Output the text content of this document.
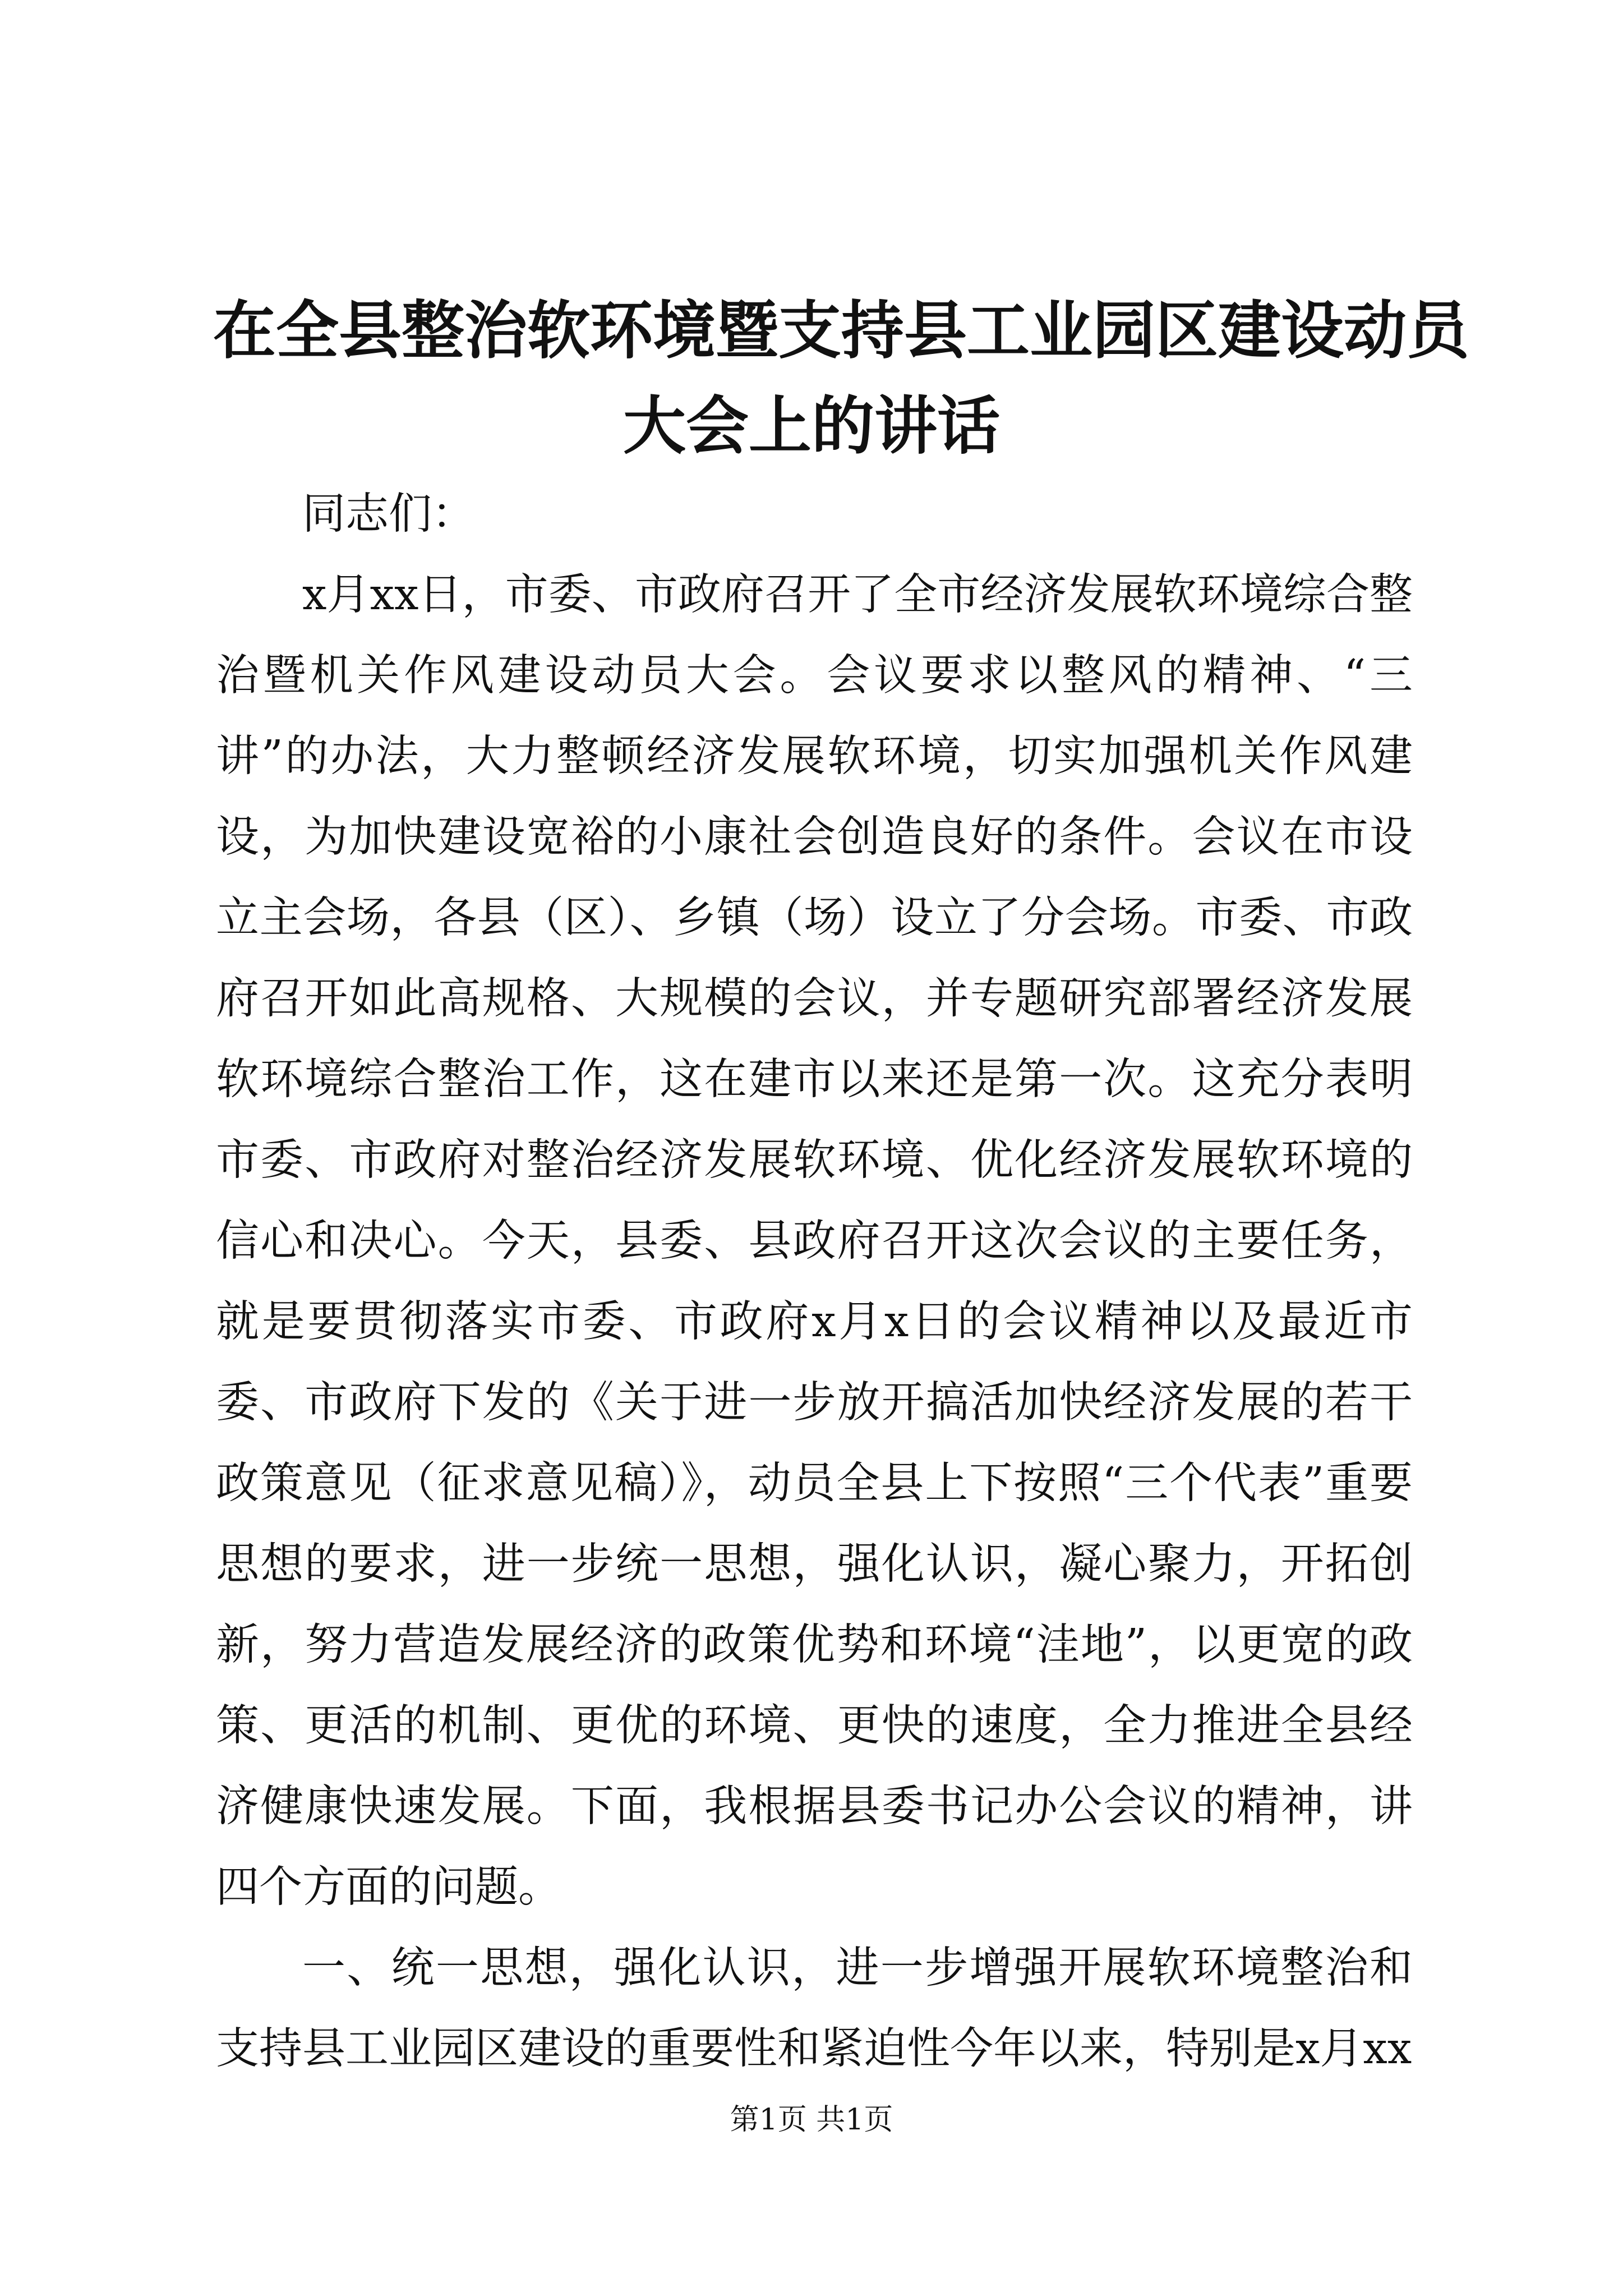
在全县整治软环境暨支持县工业园区建设动员
大会上的讲话

同志们：

x月xx日，市委、市政府召开了全市经济发展软环境综合整治暨机关作风建设动员大会。会议要求以整风的精神、“三讲”的办法，大力整顿经济发展软环境，切实加强机关作风建设，为加快建设宽裕的小康社会创造良好的条件。会议在市设立主会场，各县（区）、乡镇（场）设立了分会场。市委、市政府召开如此高规格、大规模的会议，并专题研究部署经济发展软环境综合整治工作，这在建市以来还是第一次。这充分表明市委、市政府对整治经济发展软环境、优化经济发展软环境的信心和决心。今天，县委、县政府召开这次会议的主要任务，就是要贯彻落实市委、市政府x月x日的会议精神以及最近市委、市政府下发的《关于进一步放开搞活加快经济发展的若干政策意见（征求意见稿）》，动员全县上下按照“三个代表”重要思想的要求，进一步统一思想，强化认识，凝心聚力，开拓创新，努力营造发展经济的政策优势和环境“洼地”，以更宽的政策、更活的机制、更优的环境、更快的速度，全力推进全县经济健康快速发展。下面，我根据县委书记办公会议的精神，讲四个方面的问题。

一、统一思想，强化认识，进一步增强开展软环境整治和支持县工业园区建设的重要性和紧迫性今年以来，特别是x月xx

第1页 共1页
